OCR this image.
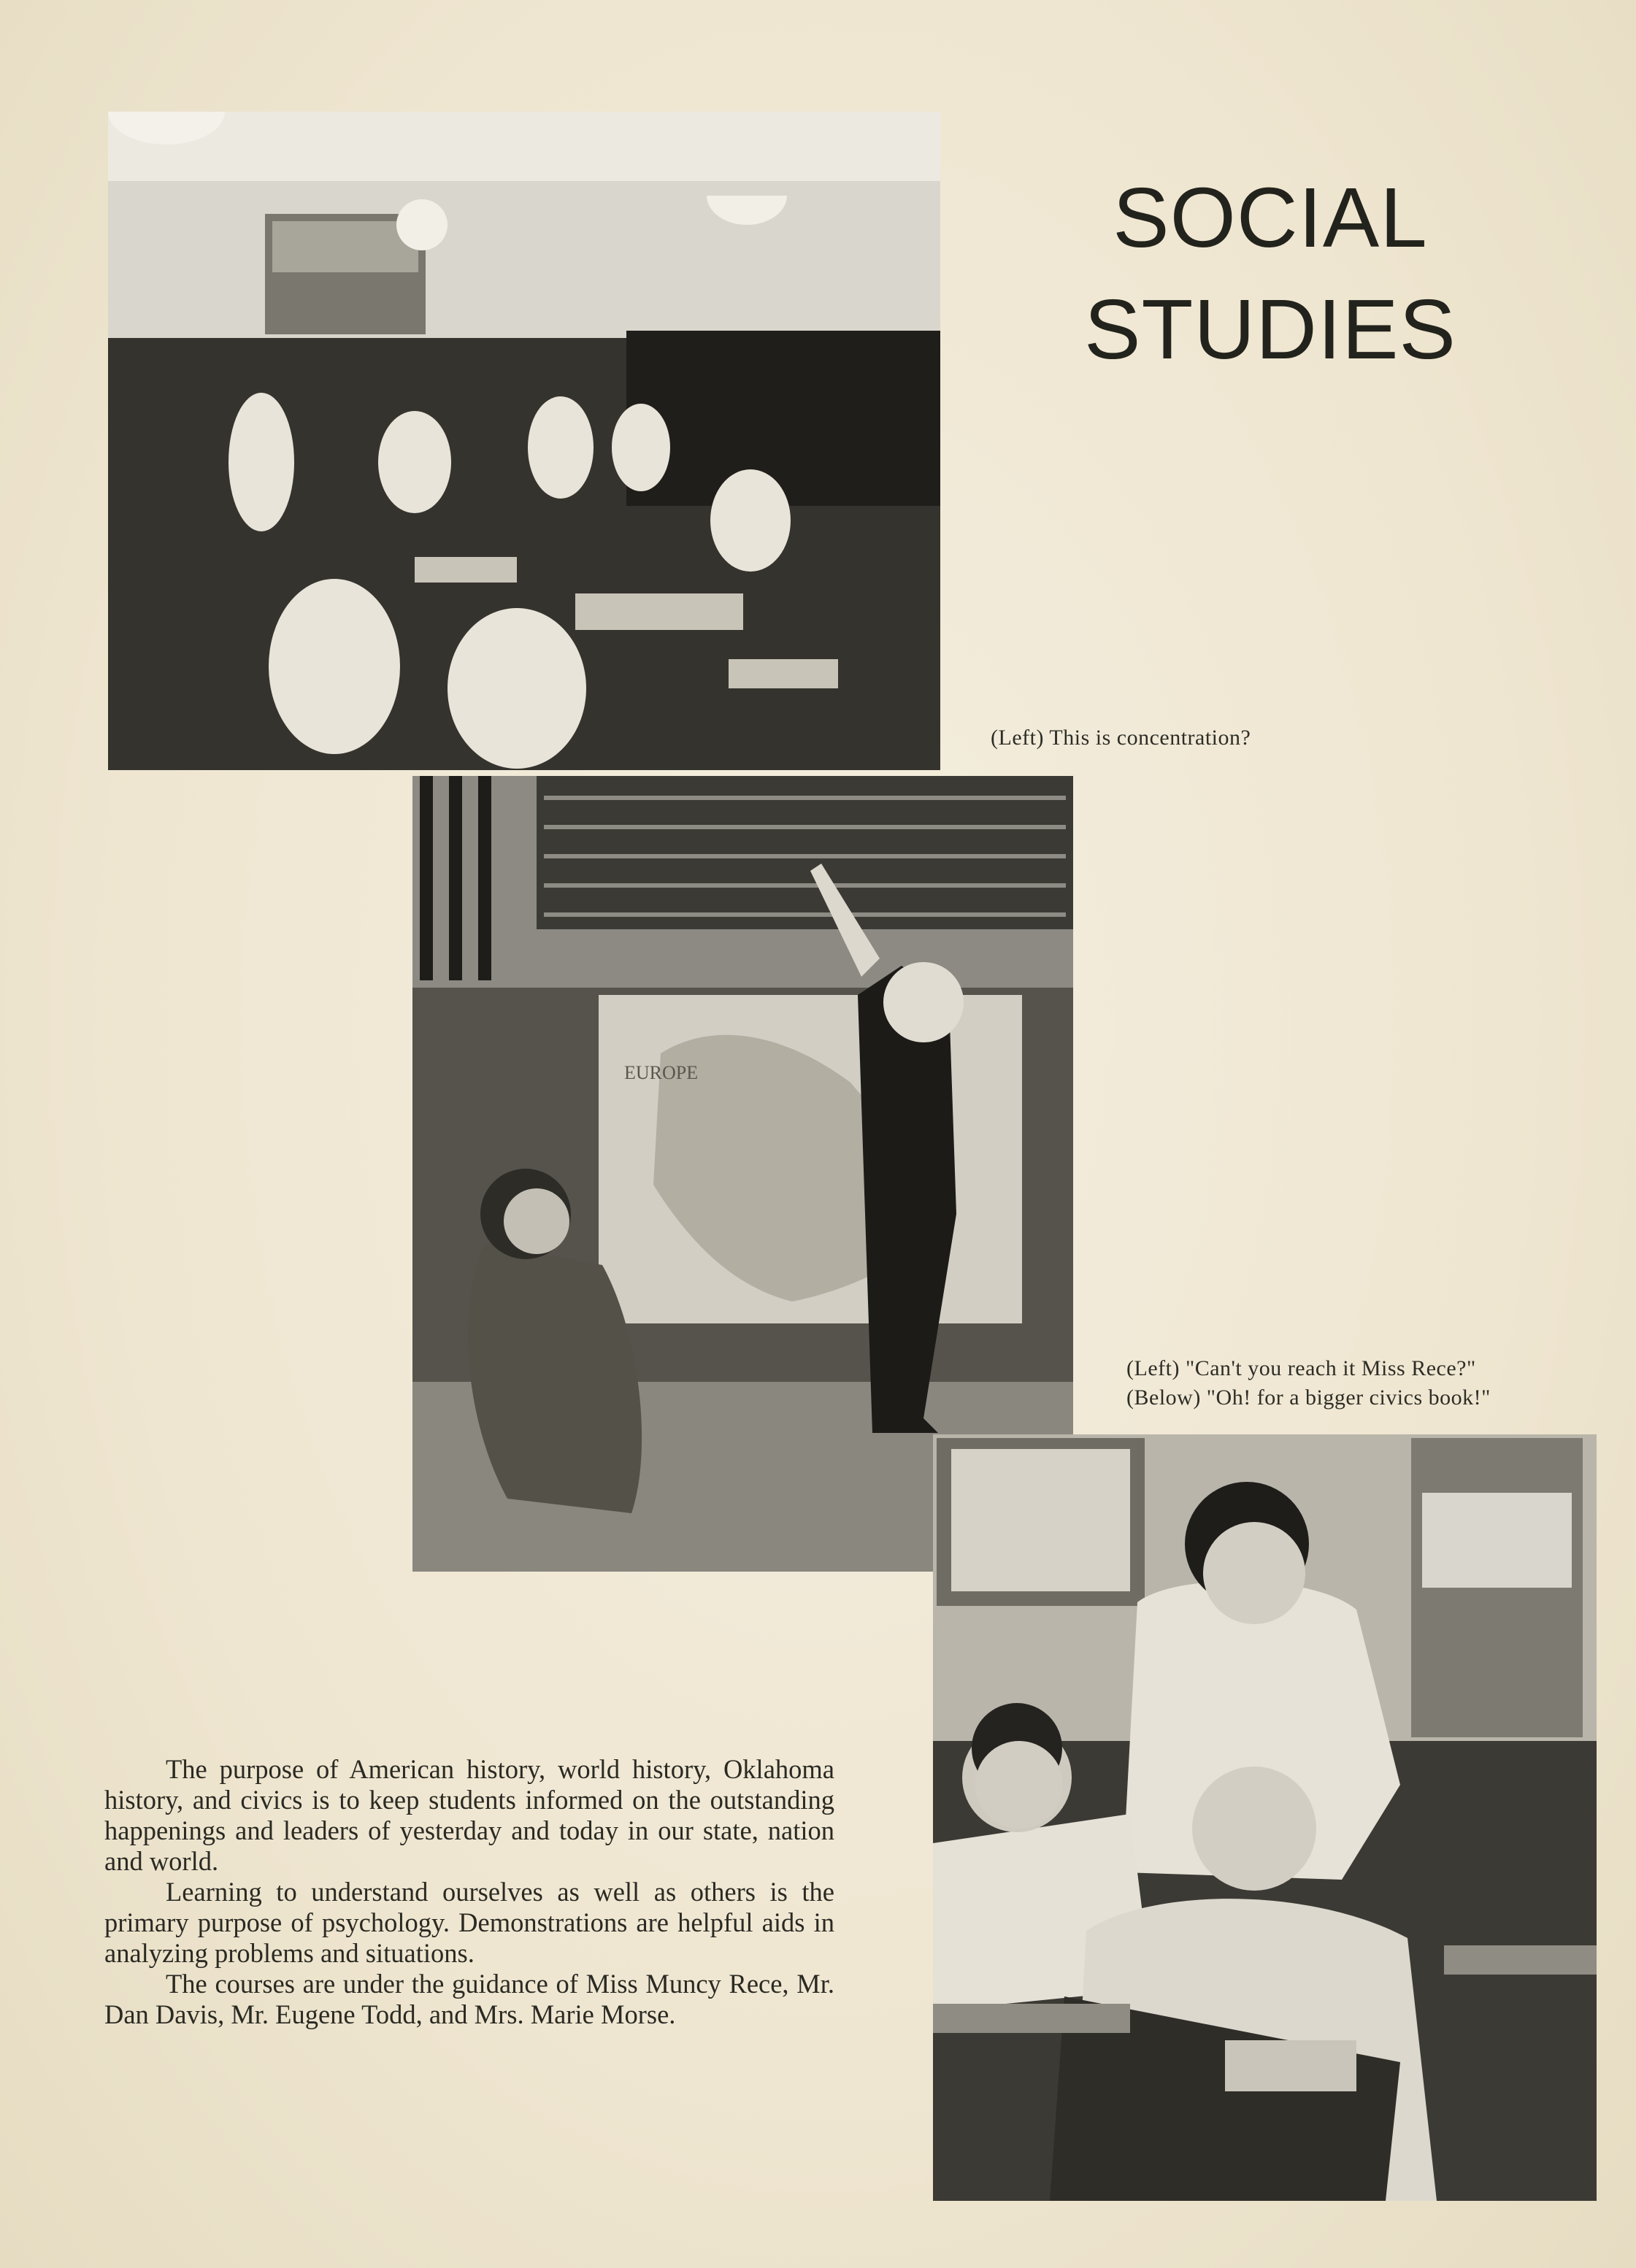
EUROPE
SOCIAL
STUDIES
(Left) This is concentration?
(Left) "Can't you reach it Miss Rece?"
(Below) "Oh! for a bigger civics book!"

The purpose of American history, world history, Oklahoma history, and civics is to keep students informed on the outstanding happenings and leaders of yesterday and today in our state, nation and world.

Learning to understand ourselves as well as others is the primary purpose of psychology. Demonstrations are helpful aids in analyzing problems and situations.

The courses are under the guidance of Miss Muncy Rece, Mr. Dan Davis, Mr. Eugene Todd, and Mrs. Marie Morse.
